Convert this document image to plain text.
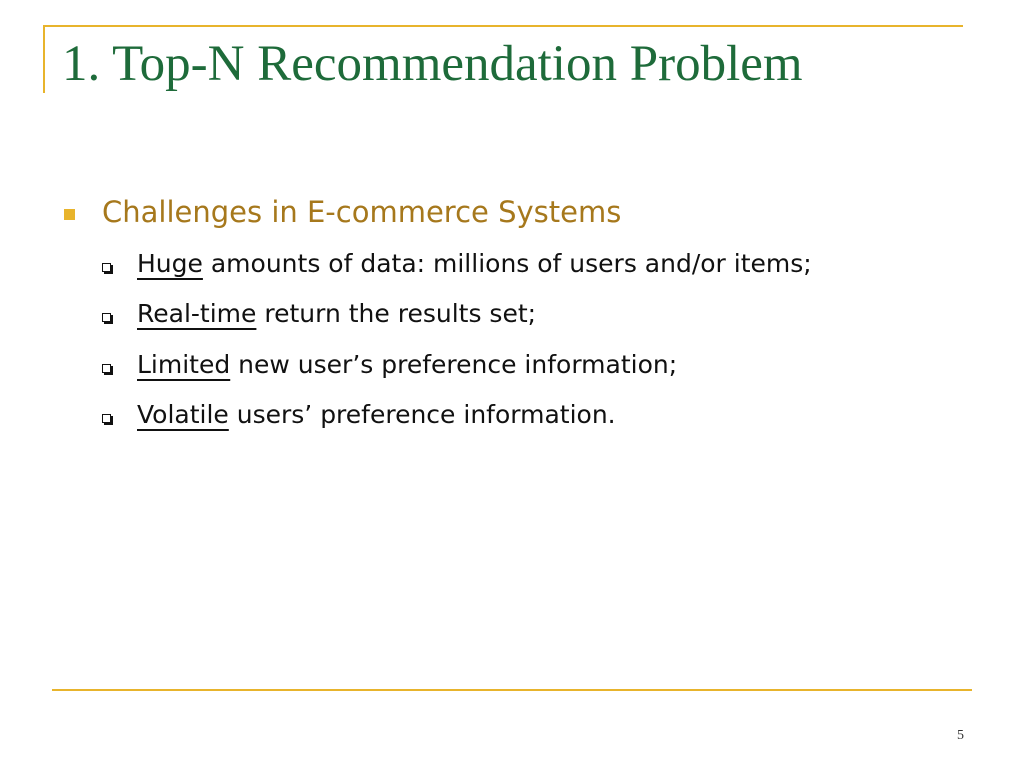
1. Top-N Recommendation Problem
Challenges in E-commerce Systems
Huge amounts of data: millions of users and/or items;
Real-time return the results set;
Limited new user’s preference information;
Volatile users’ preference information.
5
